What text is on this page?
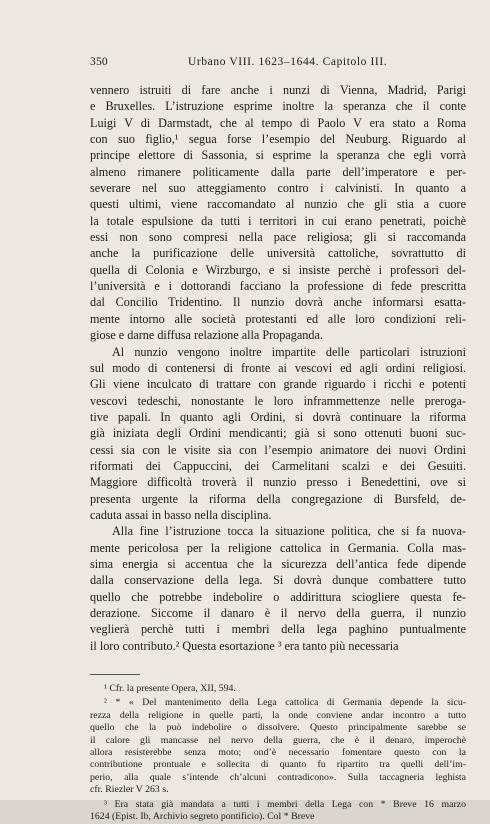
350	Urbano VIII. 1623–1644. Capitolo III.

vennero istruiti di fare anche i nunzi di Vienna, Madrid, Parigi
e Bruxelles. L’istruzione esprime inoltre la speranza che il conte
Luigi V di Darmstadt, che al tempo di Paolo V era stato a Roma
con suo figlio,¹ segua forse l’esempio del Neuburg. Riguardo al
principe elettore di Sassonia, si esprime la speranza che egli vorrà
almeno rimanere politicamente dalla parte dell’imperatore e per-
severare nel suo atteggiamento contro i calvinisti. In quanto a
questi ultimi, viene raccomandato al nunzio che gli stia a cuore
la totale espulsione da tutti i territori in cui erano penetrati, poichè
essi non sono compresi nella pace religiosa; gli si raccomanda
anche la purificazione delle università cattoliche, sovrattutto di
quella di Colonia e Wirzburgo, e si insiste perchè i professori del-
l’università e i dottorandi facciano la professione di fede prescritta
dal Concilio Tridentino. Il nunzio dovrà anche informarsi esatta-
mente intorno alle società protestanti ed alle loro condizioni reli-
giose e darne diffusa relazione alla Propaganda.

Al nunzio vengono inoltre impartite delle particolari istruzioni
sul modo di contenersi di fronte ai vescovi ed agli ordini religiosi.
Gli viene inculcato di trattare con grande riguardo i ricchi e potenti
vescovi tedeschi, nonostante le loro inframmettenze nelle preroga-
tive papali. In quanto agli Ordini, si dovrà continuare la riforma
già iniziata degli Ordini mendicanti; già si sono ottenuti buoni suc-
cessi sia con le visite sia con l’esempio animatore dei nuovi Ordini
riformati dei Cappuccini, dei Carmelitani scalzi e dei Gesuiti.
Maggiore difficoltà troverà il nunzio presso i Benedettini, ove si
presenta urgente la riforma della congregazione di Bursfeld, de-
caduta assai in basso nella disciplina.

Alla fine l’istruzione tocca la situazione politica, che si fa nuova-
mente pericolosa per la religione cattolica in Germania. Colla mas-
sima energia si accentua che la sicurezza dell’antica fede dipende
dalla conservazione della lega. Si dovrà dunque combattere tutto
quello che potrebbe indebolire o addirittura sciogliere questa fe-
derazione. Siccome il danaro è il nervo della guerra, il nunzio
veglierà perchè tutti i membri della lega paghino puntualmente
il loro contributo.² Questa esortazione ³ era tanto più necessaria

¹ Cfr. la presente Opera, XII, 594.
² * « Del mantenimento della Lega cattolica di Germania depende la sicu-
rezza della religione in quelle parti, la onde conviene andar incontro a tutto
quello che la può indebolire o dissolvere. Questo principalmente sarebbe se
il calore gli mancasse nel nervo della guerra, che è il denaro, imperochè
allora resisterebbe senza moto; ond’è necessario fomentare questo con la
contributione prontuale e sollecita di quanto fu ripartito tra quelli dell’im-
perio, alla quale s’intende ch’alcuni contradicono». Sulla taccagneria leghista
cfr. Riezler V 263 s.
³ Era stata già mandata a tutti i membri della Lega con * Breve 16 marzo
1624 (Epist. Ib, Archivio segreto pontificio). Col * Breve
